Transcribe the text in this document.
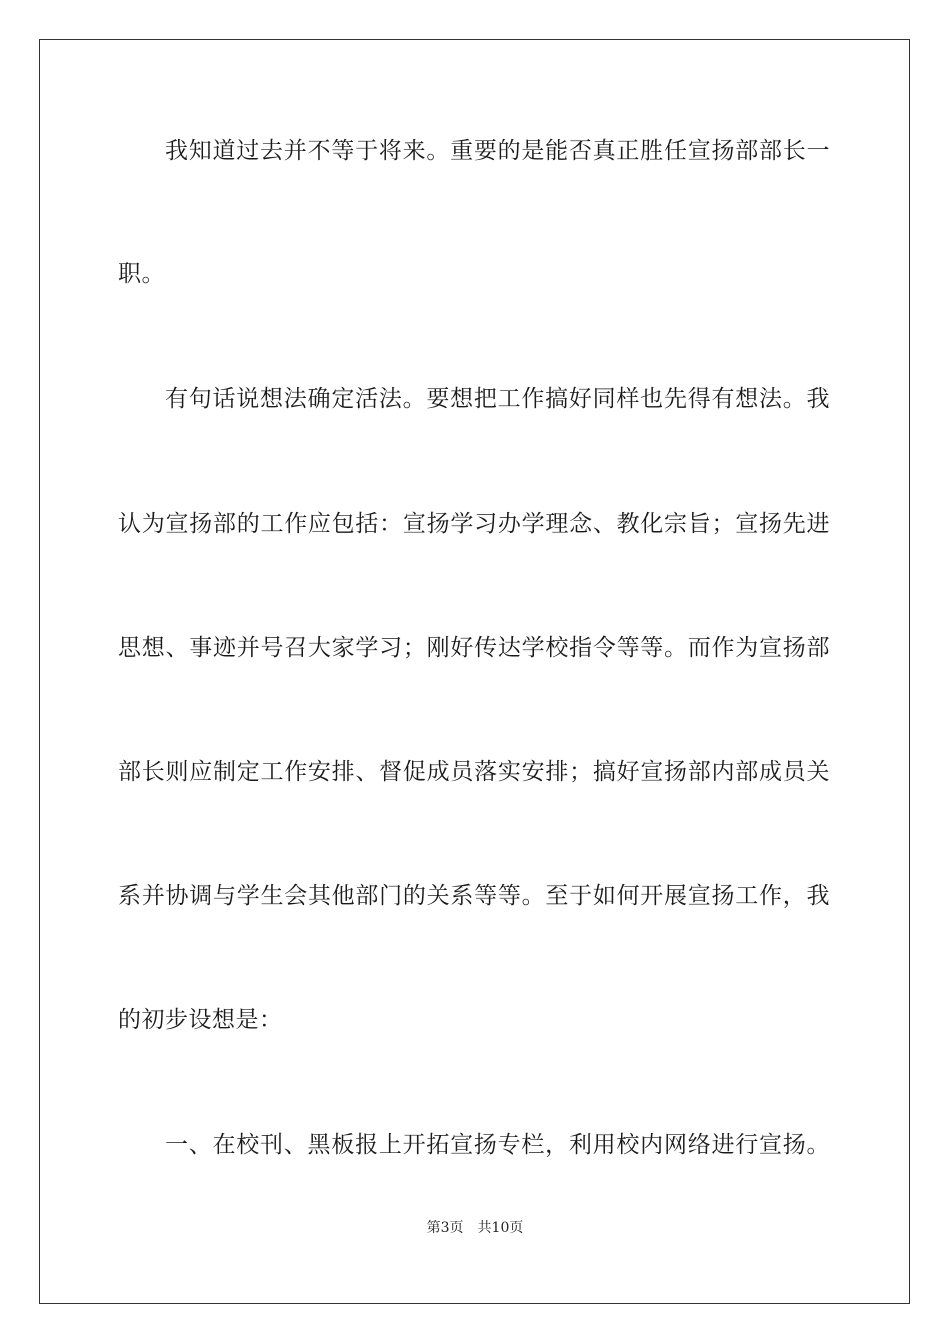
我知道过去并不等于将来。重要的是能否真正胜任宣扬部部长一
职。
有句话说想法确定活法。要想把工作搞好同样也先得有想法。我
认为宣扬部的工作应包括：宣扬学习办学理念、教化宗旨；宣扬先进
思想、事迹并号召大家学习；刚好传达学校指令等等。而作为宣扬部
部长则应制定工作安排、督促成员落实安排；搞好宣扬部内部成员关
系并协调与学生会其他部门的关系等等。至于如何开展宣扬工作，我
的初步设想是：
一、在校刊、黑板报上开拓宣扬专栏，利用校内网络进行宣扬。
第3页 共10页
